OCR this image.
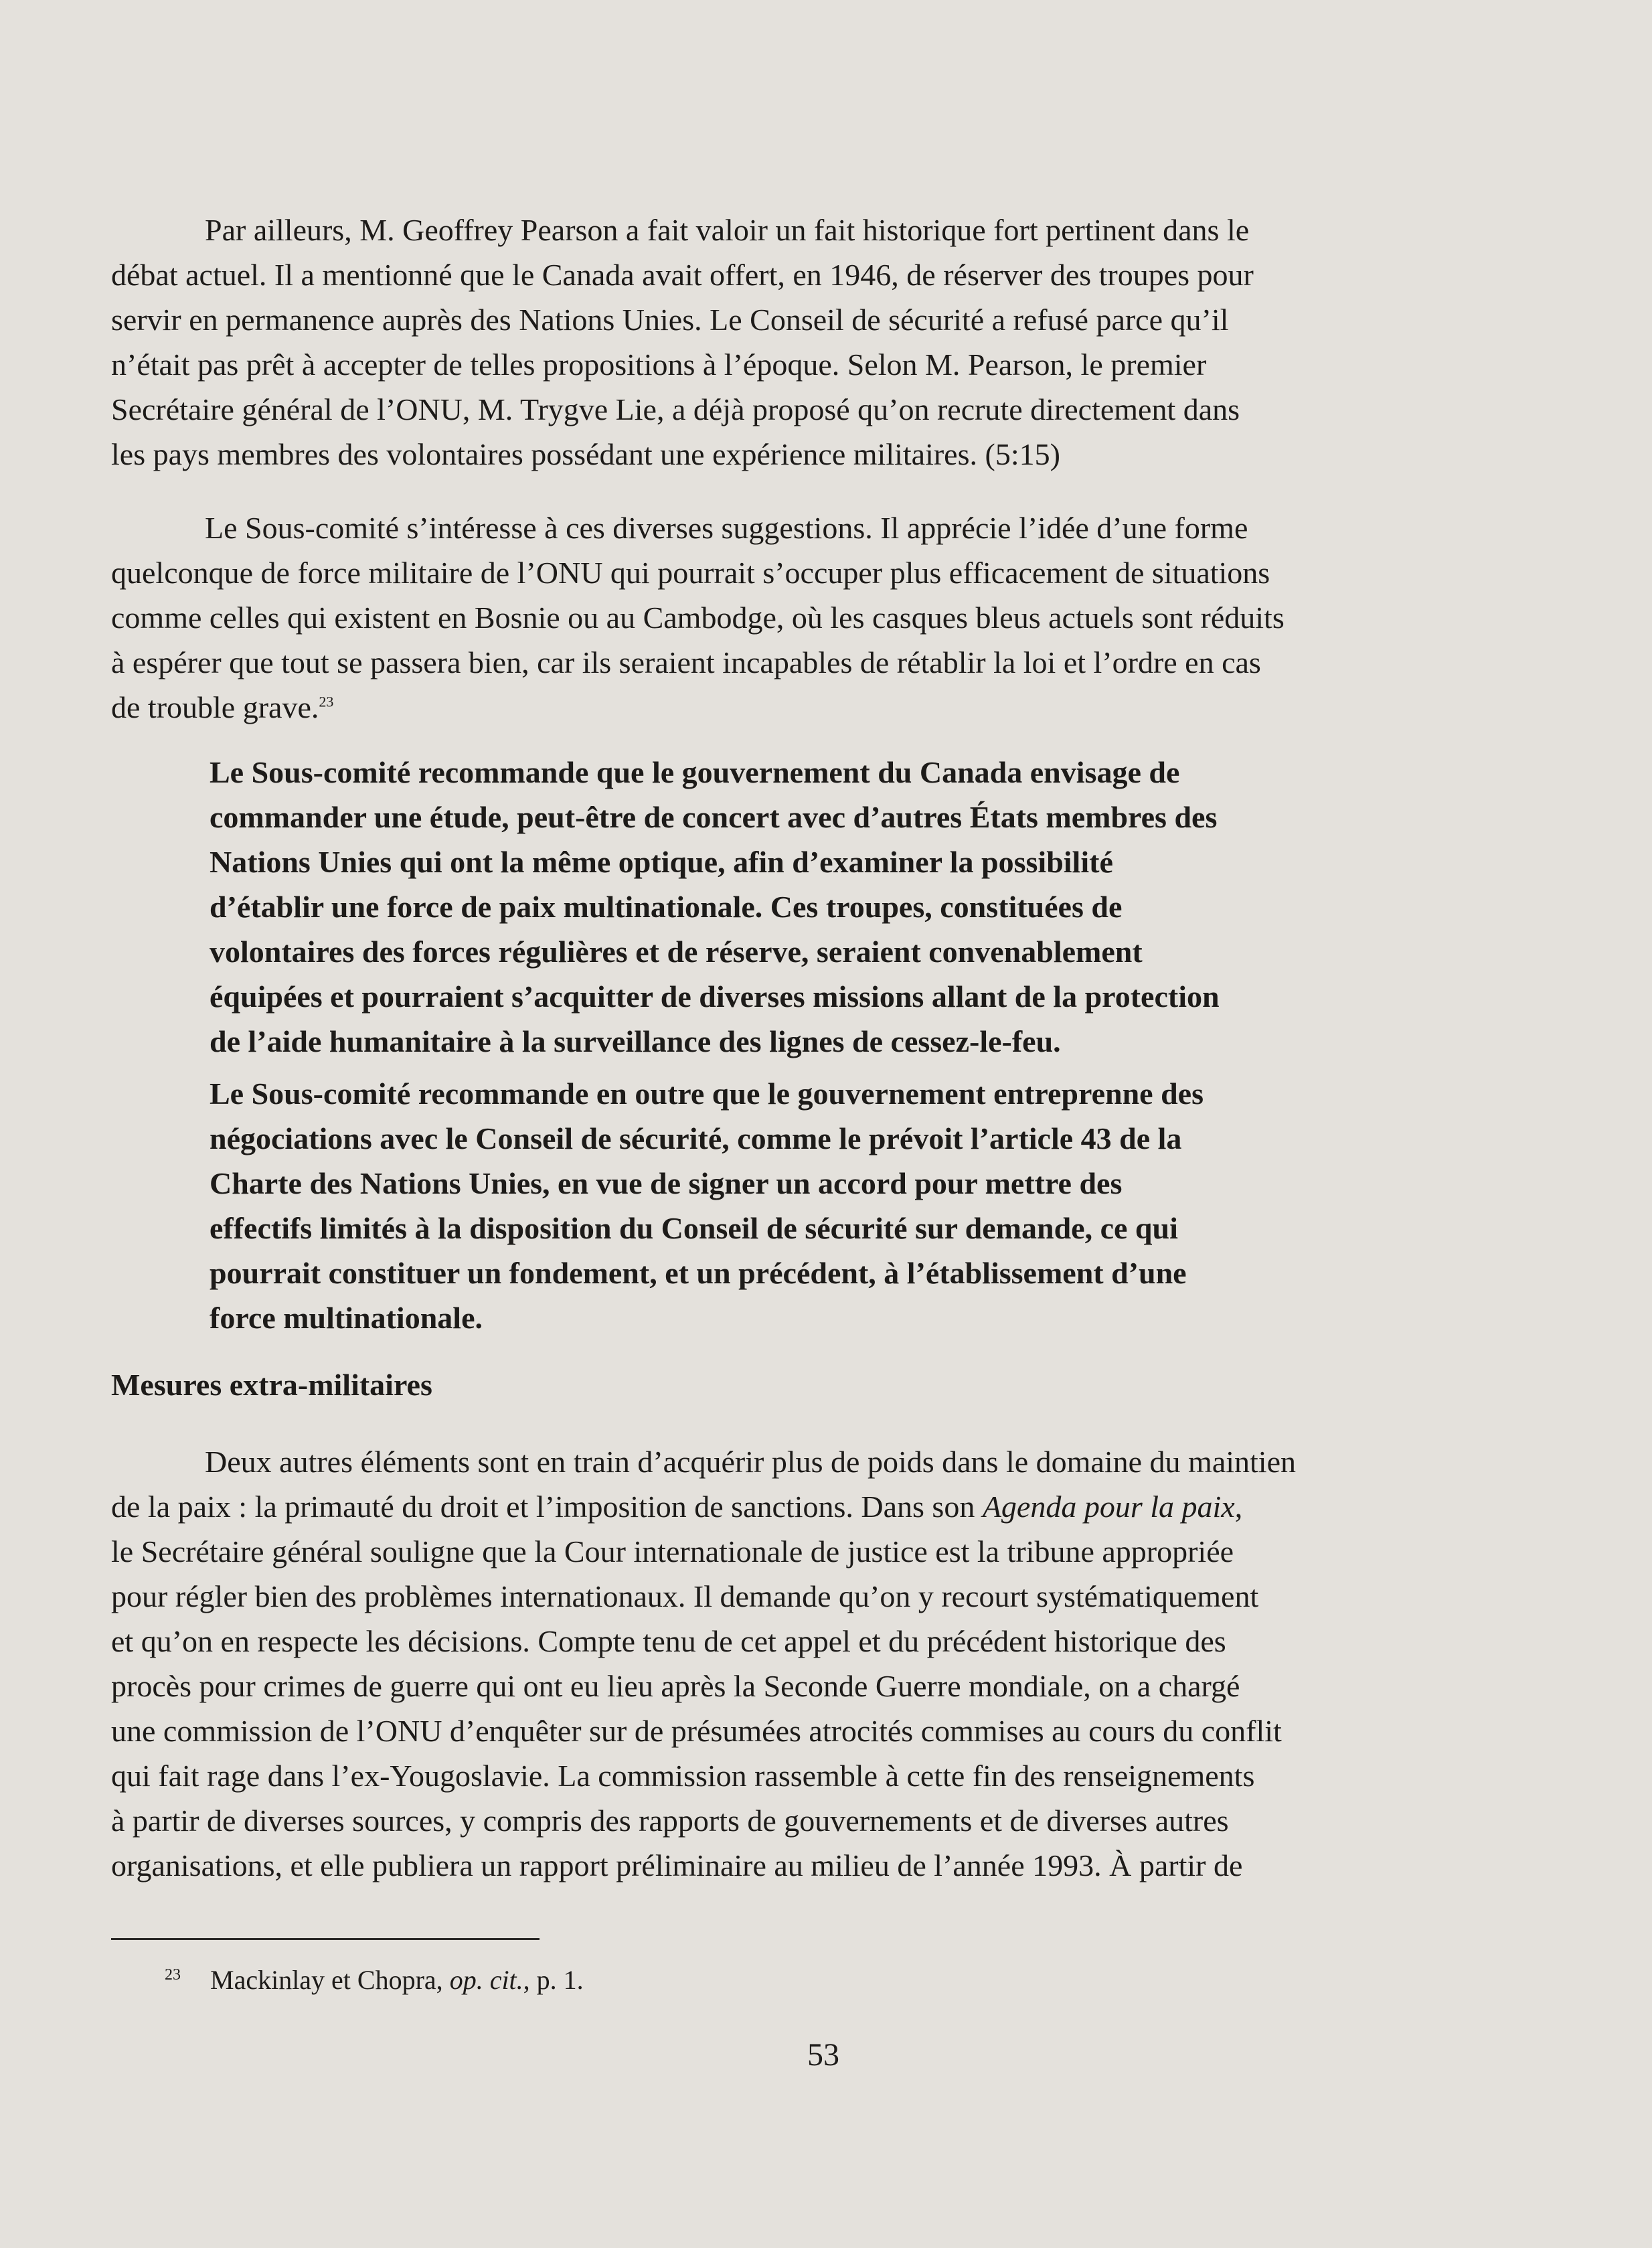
Par ailleurs, M. Geoffrey Pearson a fait valoir un fait historique fort pertinent dans le
débat actuel. Il a mentionné que le Canada avait offert, en 1946, de réserver des troupes pour
servir en permanence auprès des Nations Unies. Le Conseil de sécurité a refusé parce qu’il
n’était pas prêt à accepter de telles propositions à l’époque. Selon M. Pearson, le premier
Secrétaire général de l’ONU, M. Trygve Lie, a déjà proposé qu’on recrute directement dans
les pays membres des volontaires possédant une expérience militaires. (5:15)

Le Sous-comité s’intéresse à ces diverses suggestions. Il apprécie l’idée d’une forme
quelconque de force militaire de l’ONU qui pourrait s’occuper plus efficacement de situations
comme celles qui existent en Bosnie ou au Cambodge, où les casques bleus actuels sont réduits
à espérer que tout se passera bien, car ils seraient incapables de rétablir la loi et l’ordre en cas
de trouble grave.$^{23}$

Le Sous-comité recommande que le gouvernement du Canada envisage de
commander une étude, peut-être de concert avec d’autres États membres des
Nations Unies qui ont la même optique, afin d’examiner la possibilité
d’établir une force de paix multinationale. Ces troupes, constituées de
volontaires des forces régulières et de réserve, seraient convenablement
équipées et pourraient s’acquitter de diverses missions allant de la protection
de l’aide humanitaire à la surveillance des lignes de cessez-le-feu.

Le Sous-comité recommande en outre que le gouvernement entreprenne des
négociations avec le Conseil de sécurité, comme le prévoit l’article 43 de la
Charte des Nations Unies, en vue de signer un accord pour mettre des
effectifs limités à la disposition du Conseil de sécurité sur demande, ce qui
pourrait constituer un fondement, et un précédent, à l’établissement d’une
force multinationale.

Mesures extra-militaires

Deux autres éléments sont en train d’acquérir plus de poids dans le domaine du maintien
de la paix : la primauté du droit et l’imposition de sanctions. Dans son Agenda pour la paix,
le Secrétaire général souligne que la Cour internationale de justice est la tribune appropriée
pour régler bien des problèmes internationaux. Il demande qu’on y recourt systématiquement
et qu’on en respecte les décisions. Compte tenu de cet appel et du précédent historique des
procès pour crimes de guerre qui ont eu lieu après la Seconde Guerre mondiale, on a chargé
une commission de l’ONU d’enquêter sur de présumées atrocités commises au cours du conflit
qui fait rage dans l’ex-Yougoslavie. La commission rassemble à cette fin des renseignements
à partir de diverses sources, y compris des rapports de gouvernements et de diverses autres
organisations, et elle publiera un rapport préliminaire au milieu de l’année 1993. À partir de

23 Mackinlay et Chopra, op. cit., p. 1.

53
